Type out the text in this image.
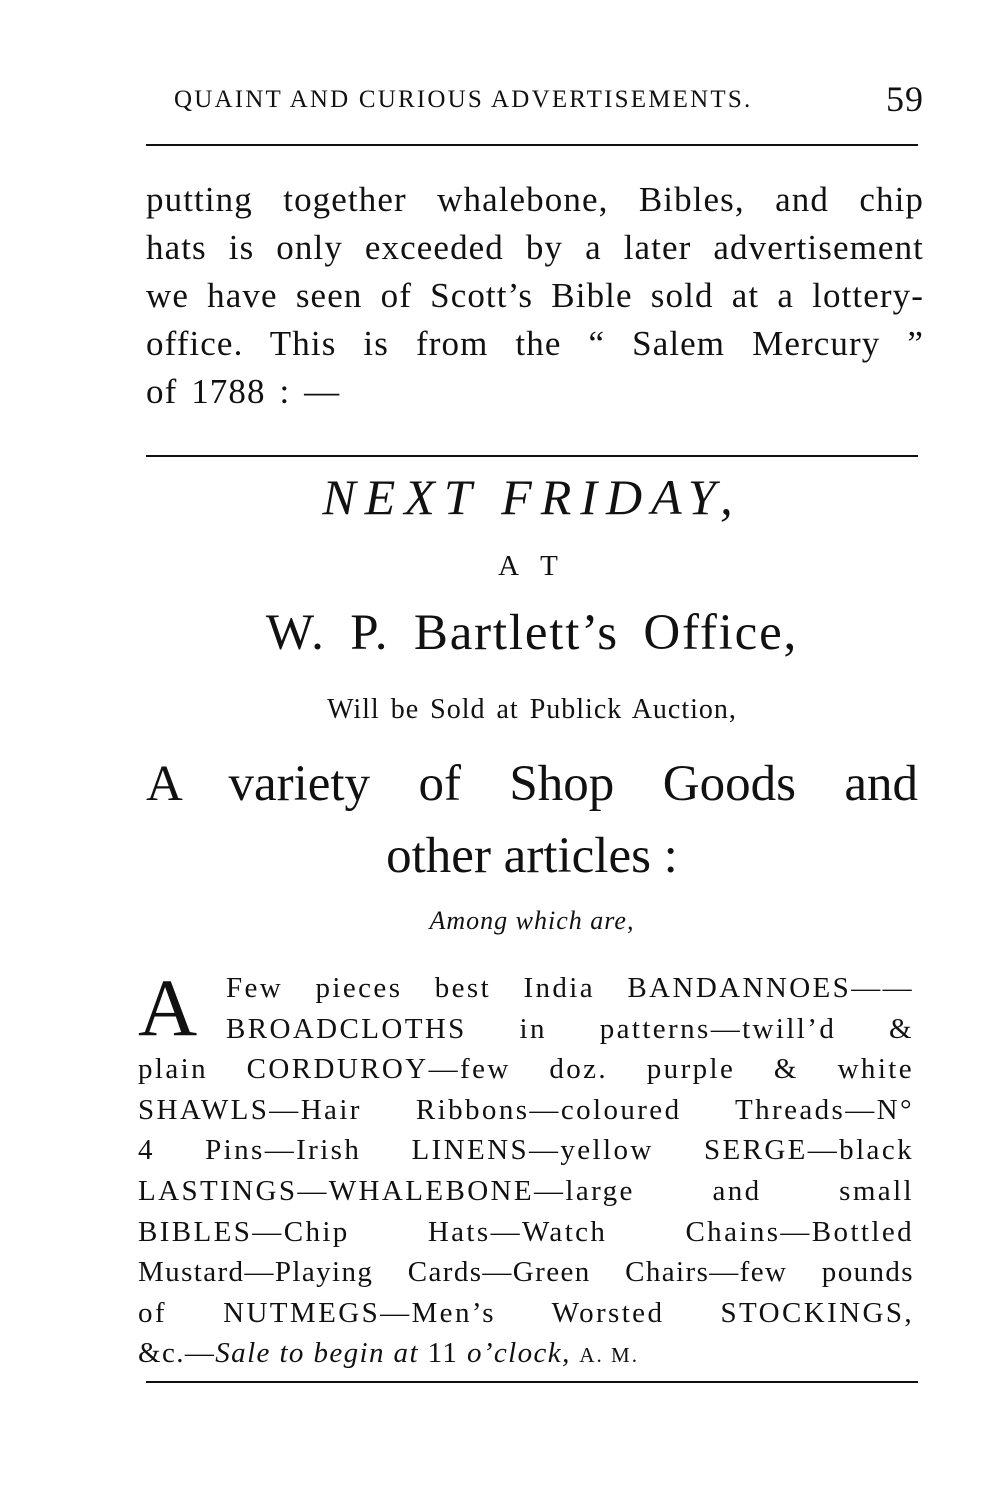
QUAINT AND CURIOUS ADVERTISEMENTS.	59
putting together whalebone, Bibles, and chip
hats is only exceeded by a later advertisement
we have seen of Scott’s Bible sold at a lottery-
office. This is from the “ Salem Mercury ”
of 1788 : —
NEXT FRIDAY,
A T
W. P. Bartlett’s Office,
Will be Sold at Publick Auction,
A variety of Shop Goods and
other articles :
Among which are,
A Few pieces best India BANDANNOES——
BROADCLOTHS in patterns—twill’d &
plain CORDUROY—few doz. purple & white
SHAWLS—Hair Ribbons—coloured Threads—N°
4 Pins—Irish LINENS—yellow SERGE—black
LASTINGS—WHALEBONE—large and small
BIBLES—Chip Hats—Watch Chains—Bottled
Mustard—Playing Cards—Green Chairs—few pounds
of NUTMEGS—Men’s Worsted STOCKINGS,
&c.—Sale to begin at 11 o’clock, A. M.
